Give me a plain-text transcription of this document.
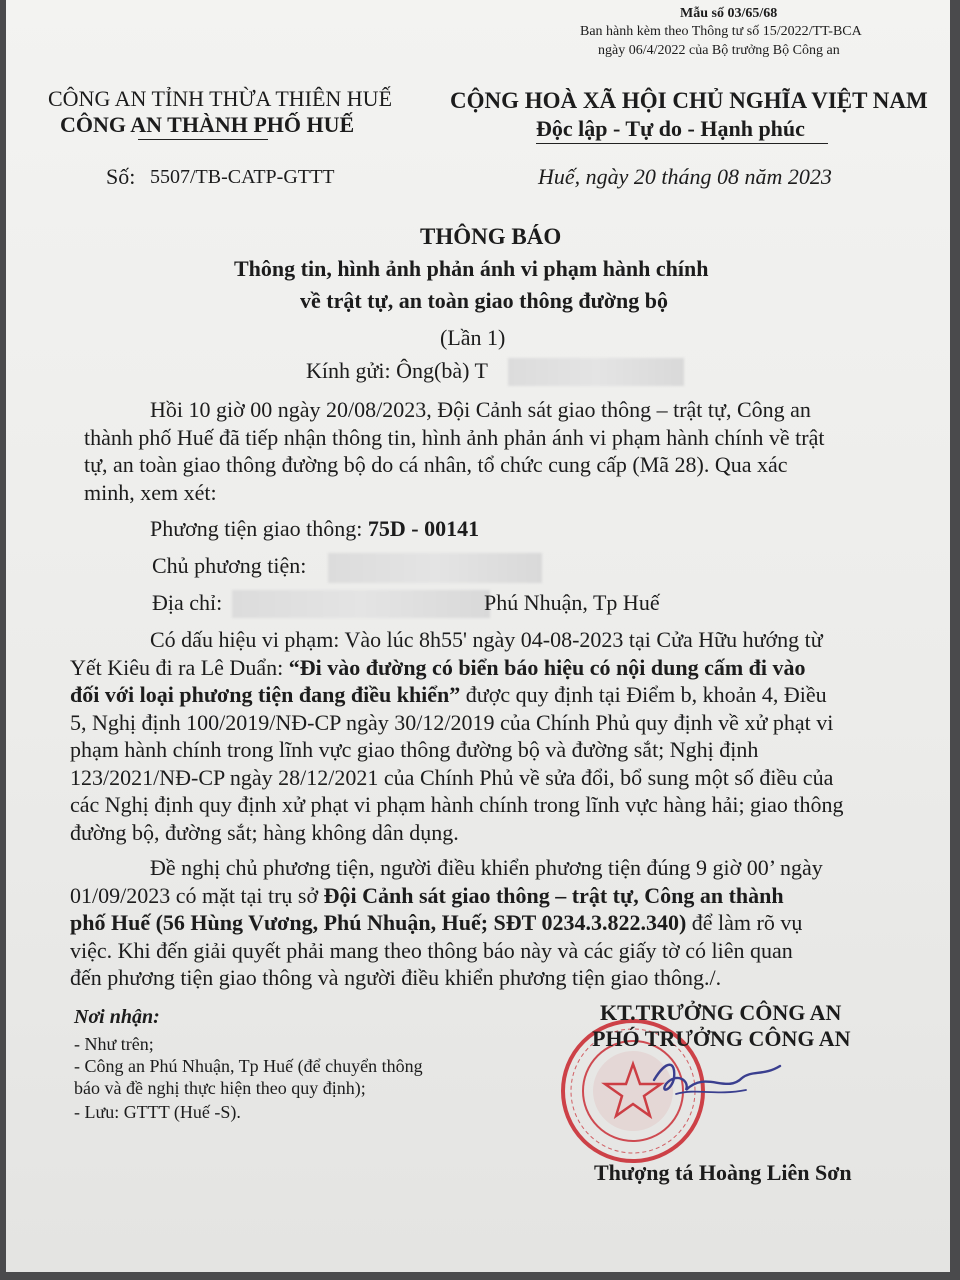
Mẫu số 03/65/68
Ban hành kèm theo Thông tư số 15/2022/TT-BCA
ngày 06/4/2022 của Bộ trưởng Bộ Công an
CÔNG AN TỈNH THỪA THIÊN HUẾ
CÔNG AN THÀNH PHỐ HUẾ
CỘNG HOÀ XÃ HỘI CHỦ NGHĨA VIỆT NAM
Độc lập - Tự do - Hạnh phúc
Số: 5507/TB-CATP-GTTT	Huế, ngày 20 tháng 08 năm 2023
THÔNG BÁO
Thông tin, hình ảnh phản ánh vi phạm hành chính
về trật tự, an toàn giao thông đường bộ
(Lần 1)
Kính gửi: Ông(bà) T
Hồi 10 giờ 00 ngày 20/08/2023, Đội Cảnh sát giao thông – trật tự, Công an
thành phố Huế đã tiếp nhận thông tin, hình ảnh phản ánh vi phạm hành chính về trật
tự, an toàn giao thông đường bộ do cá nhân, tổ chức cung cấp (Mã 28). Qua xác
minh, xem xét:
Phương tiện giao thông: 75D - 00141
Chủ phương tiện:
Địa chỉ:	Phú Nhuận, Tp Huế
Có dấu hiệu vi phạm: Vào lúc 8h55' ngày 04-08-2023 tại Cửa Hữu hướng từ
Yết Kiêu đi ra Lê Duẩn: “Đi vào đường có biển báo hiệu có nội dung cấm đi vào
đối với loại phương tiện đang điều khiển” được quy định tại Điểm b, khoản 4, Điều
5, Nghị định 100/2019/NĐ-CP ngày 30/12/2019 của Chính Phủ quy định về xử phạt vi
phạm hành chính trong lĩnh vực giao thông đường bộ và đường sắt; Nghị định
123/2021/NĐ-CP ngày 28/12/2021 của Chính Phủ về sửa đổi, bổ sung một số điều của
các Nghị định quy định xử phạt vi phạm hành chính trong lĩnh vực hàng hải; giao thông
đường bộ, đường sắt; hàng không dân dụng.
Đề nghị chủ phương tiện, người điều khiển phương tiện đúng 9 giờ 00’ ngày
01/09/2023 có mặt tại trụ sở Đội Cảnh sát giao thông – trật tự, Công an thành
phố Huế (56 Hùng Vương, Phú Nhuận, Huế; SĐT 0234.3.822.340) để làm rõ vụ
việc. Khi đến giải quyết phải mang theo thông báo này và các giấy tờ có liên quan
đến phương tiện giao thông và người điều khiển phương tiện giao thông./.
Nơi nhận:
- Như trên;
- Công an Phú Nhuận, Tp Huế (để chuyển thông
báo và đề nghị thực hiện theo quy định);
- Lưu: GTTT (Huế -S).
KT.TRƯỞNG CÔNG AN
PHÓ TRƯỞNG CÔNG AN
Thượng tá Hoàng Liên Sơn
